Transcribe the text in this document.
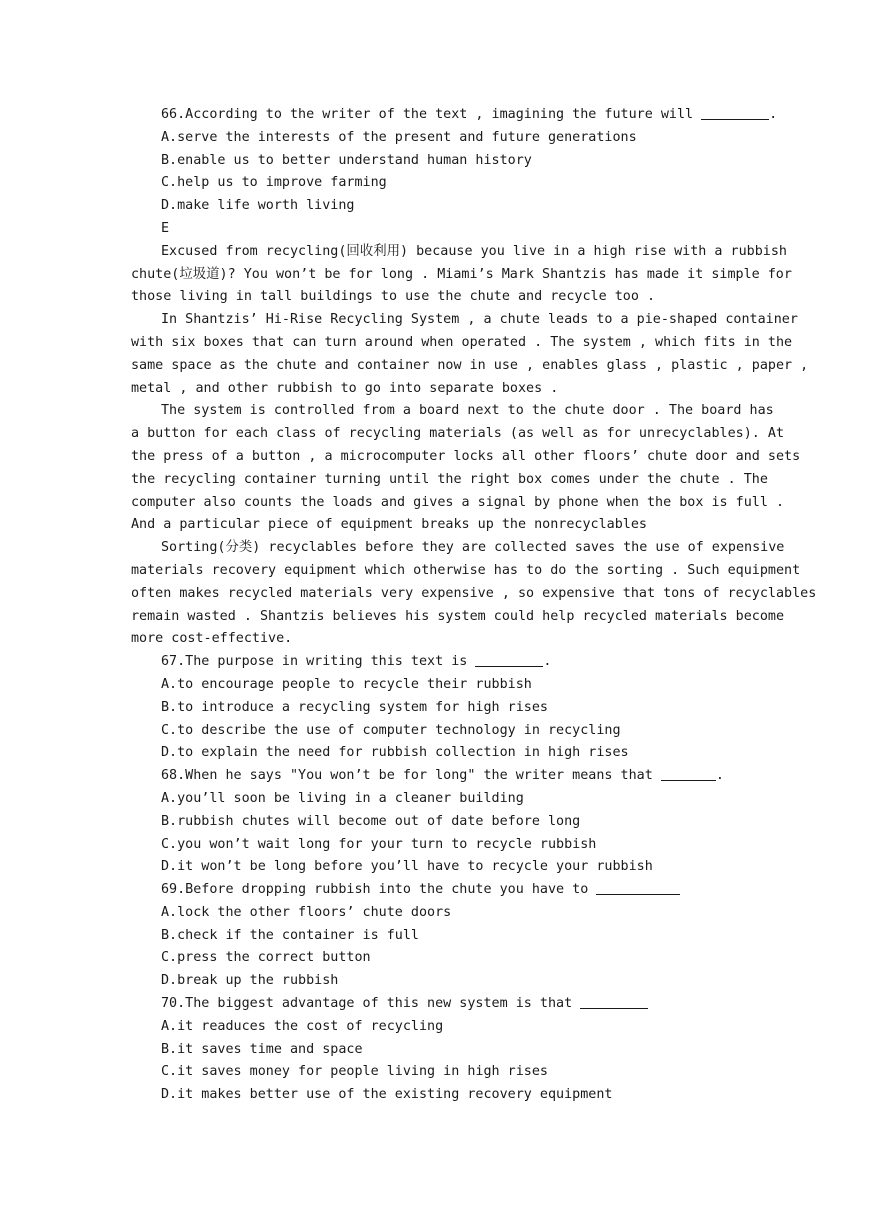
66.According to the writer of the text , imagining the future will	.
A.serve the interests of the present and future generations
B.enable us to better understand human history
C.help us to improve farming
D.make life worth living
E
Excused from recycling(回收利用) because you live in a high rise with a rubbish
chute(垃圾道)? You won’t be for long . Miami’s Mark Shantzis has made it simple for
those living in tall buildings to use the chute and recycle too .
In Shantzis’ Hi-Rise Recycling System , a chute leads to a pie-shaped container
with six boxes that can turn around when operated . The system , which fits in the
same space as the chute and container now in use , enables glass , plastic , paper ,
metal , and other rubbish to go into separate boxes .
The system is controlled from a board next to the chute door . The board has
a button for each class of recycling materials (as well as for unrecyclables). At
the press of a button , a microcomputer locks all other floors’ chute door and sets
the recycling container turning until the right box comes under the chute . The
computer also counts the loads and gives a signal by phone when the box is full .
And a particular piece of equipment breaks up the nonrecyclables
Sorting(分类) recyclables before they are collected saves the use of expensive
materials recovery equipment which otherwise has to do the sorting . Such equipment
often makes recycled materials very expensive , so expensive that tons of recyclables
remain wasted . Shantzis believes his system could help recycled materials become
more cost-effective.
67.The purpose in writing this text is	.
A.to encourage people to recycle their rubbish
B.to introduce a recycling system for high rises
C.to describe the use of computer technology in recycling
D.to explain the need for rubbish collection in high rises
68.When he says "You won’t be for long" the writer means that	.
A.you’ll soon be living in a cleaner building
B.rubbish chutes will become out of date before long
C.you won’t wait long for your turn to recycle rubbish
D.it won’t be long before you’ll have to recycle your rubbish
69.Before dropping rubbish into the chute you have to
A.lock the other floors’ chute doors
B.check if the container is full
C.press the correct button
D.break up the rubbish
70.The biggest advantage of this new system is that
A.it readuces the cost of recycling
B.it saves time and space
C.it saves money for people living in high rises
D.it makes better use of the existing recovery equipment
